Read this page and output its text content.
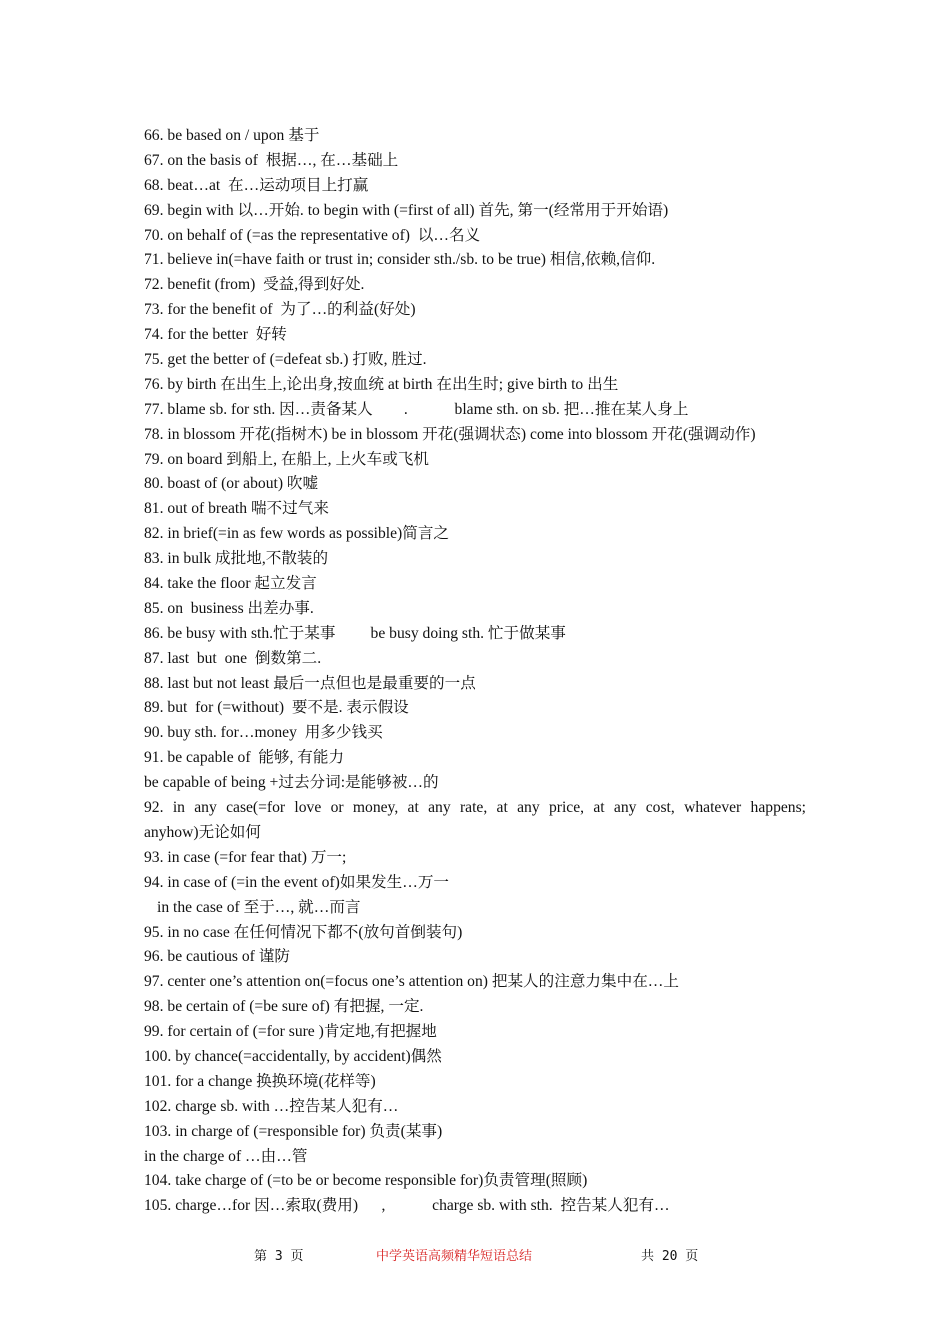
66. be based on / upon 基于
67. on the basis of  根据…, 在…基础上
68. beat…at  在…运动项目上打赢
69. begin with 以…开始. to begin with (=first of all) 首先, 第一(经常用于开始语)
70. on behalf of (=as the representative of)  以…名义
71. believe in(=have faith or trust in; consider sth./sb. to be true) 相信,依赖,信仰.
72. benefit (from)  受益,得到好处.
73. for the benefit of  为了…的利益(好处)
74. for the better  好转
75. get the better of (=defeat sb.) 打败, 胜过.
76. by birth 在出生上,论出身,按血统 at birth 在出生时; give birth to 出生
77. blame sb. for sth. 因…责备某人        .            blame sth. on sb. 把…推在某人身上
78. in blossom 开花(指树木) be in blossom 开花(强调状态) come into blossom 开花(强调动作)
79. on board 到船上, 在船上, 上火车或飞机
80. boast of (or about) 吹嘘
81. out of breath 喘不过气来
82. in brief(=in as few words as possible)简言之
83. in bulk 成批地,不散装的
84. take the floor 起立发言
85. on  business 出差办事.
86. be busy with sth.忙于某事         be busy doing sth. 忙于做某事
87. last  but  one  倒数第二.
88. last but not least 最后一点但也是最重要的一点
89. but  for (=without)  要不是. 表示假设
90. buy sth. for…money  用多少钱买
91. be capable of  能够, 有能力
be capable of being +过去分词:是能够被…的
92. in any case(=for love or money, at any rate, at any price, at any cost, whatever happens;
anyhow)无论如何
93. in case (=for fear that) 万一;
94. in case of (=in the event of)如果发生…万一
in the case of 至于…, 就…而言
95. in no case 在任何情况下都不(放句首倒装句)
96. be cautious of 谨防
97. center one’s attention on(=focus one’s attention on) 把某人的注意力集中在…上
98. be certain of (=be sure of) 有把握, 一定.
99. for certain of (=for sure )肯定地,有把握地
100. by chance(=accidentally, by accident)偶然
101. for a change 换换环境(花样等)
102. charge sb. with …控告某人犯有…
103. in charge of (=responsible for) 负责(某事)
in the charge of …由…管
104. take charge of (=to be or become responsible for)负责管理(照顾)
105. charge…for 因…索取(费用)      ,            charge sb. with sth.  控告某人犯有…
第 3 页	中学英语高频精华短语总结	共 20 页
